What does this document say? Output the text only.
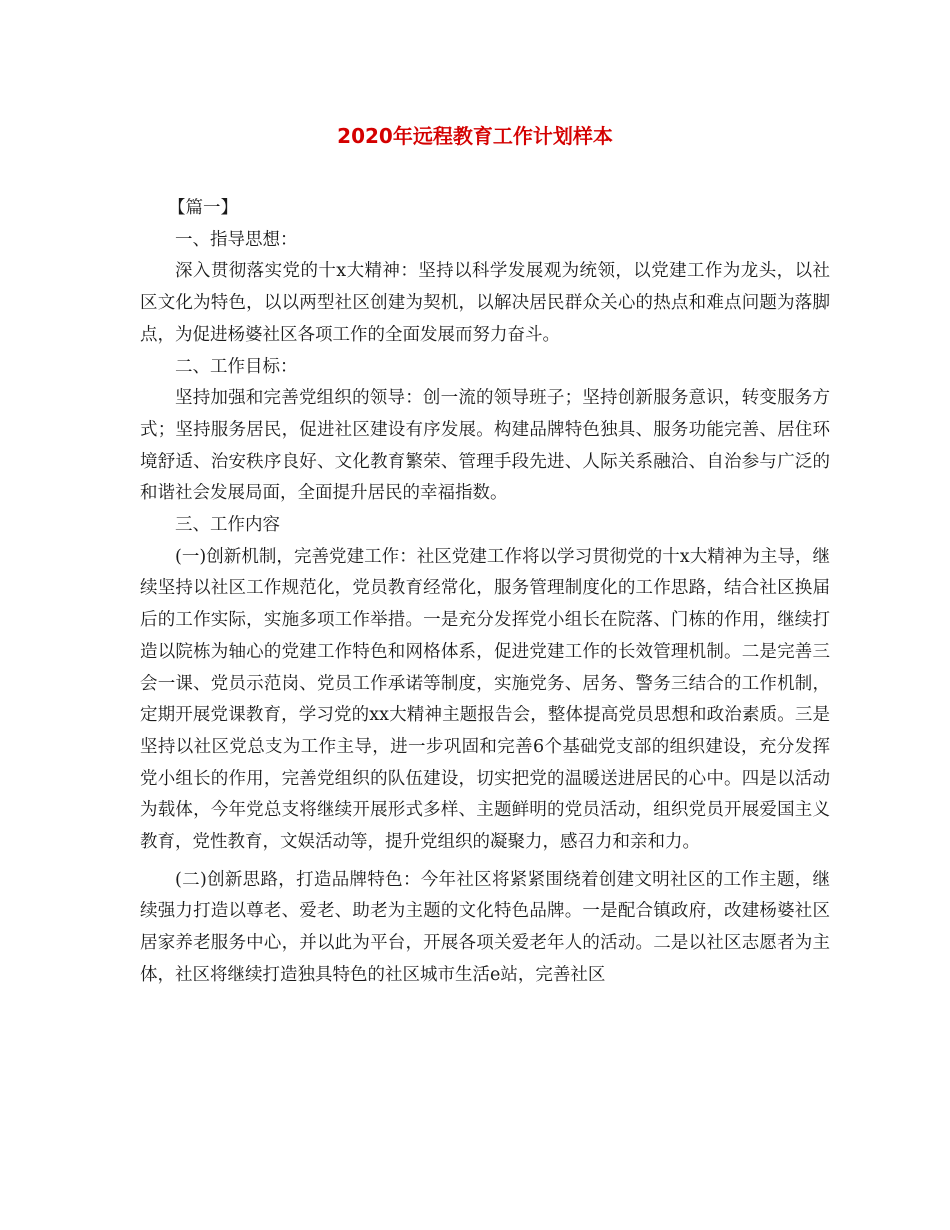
2020年远程教育工作计划样本

【篇一】

一、指导思想：

深入贯彻落实党的十x大精神：坚持以科学发展观为统领，以党建工作为龙头，以社区文化为特色，以以两型社区创建为契机，以解决居民群众关心的热点和难点问题为落脚点，为促进杨婆社区各项工作的全面发展而努力奋斗。

二、工作目标：

坚持加强和完善党组织的领导：创一流的领导班子；坚持创新服务意识，转变服务方式；坚持服务居民，促进社区建设有序发展。构建品牌特色独具、服务功能完善、居住环境舒适、治安秩序良好、文化教育繁荣、管理手段先进、人际关系融洽、自治参与广泛的和谐社会发展局面，全面提升居民的幸福指数。

三、工作内容

(一)创新机制，完善党建工作：社区党建工作将以学习贯彻党的十x大精神为主导，继续坚持以社区工作规范化，党员教育经常化，服务管理制度化的工作思路，结合社区换届后的工作实际，实施多项工作举措。一是充分发挥党小组长在院落、门栋的作用，继续打造以院栋为轴心的党建工作特色和网格体系，促进党建工作的长效管理机制。二是完善三会一课、党员示范岗、党员工作承诺等制度，实施党务、居务、警务三结合的工作机制，定期开展党课教育，学习党的xx大精神主题报告会，整体提高党员思想和政治素质。三是坚持以社区党总支为工作主导，进一步巩固和完善6个基础党支部的组织建设，充分发挥党小组长的作用，完善党组织的队伍建设，切实把党的温暖送进居民的心中。四是以活动为载体，今年党总支将继续开展形式多样、主题鲜明的党员活动，组织党员开展爱国主义教育，党性教育，文娱活动等，提升党组织的凝聚力，感召力和亲和力。

(二)创新思路，打造品牌特色：今年社区将紧紧围绕着创建文明社区的工作主题，继续强力打造以尊老、爱老、助老为主题的文化特色品牌。一是配合镇政府，改建杨婆社区居家养老服务中心，并以此为平台，开展各项关爱老年人的活动。二是以社区志愿者为主体，社区将继续打造独具特色的社区城市生活e站，完善社区
